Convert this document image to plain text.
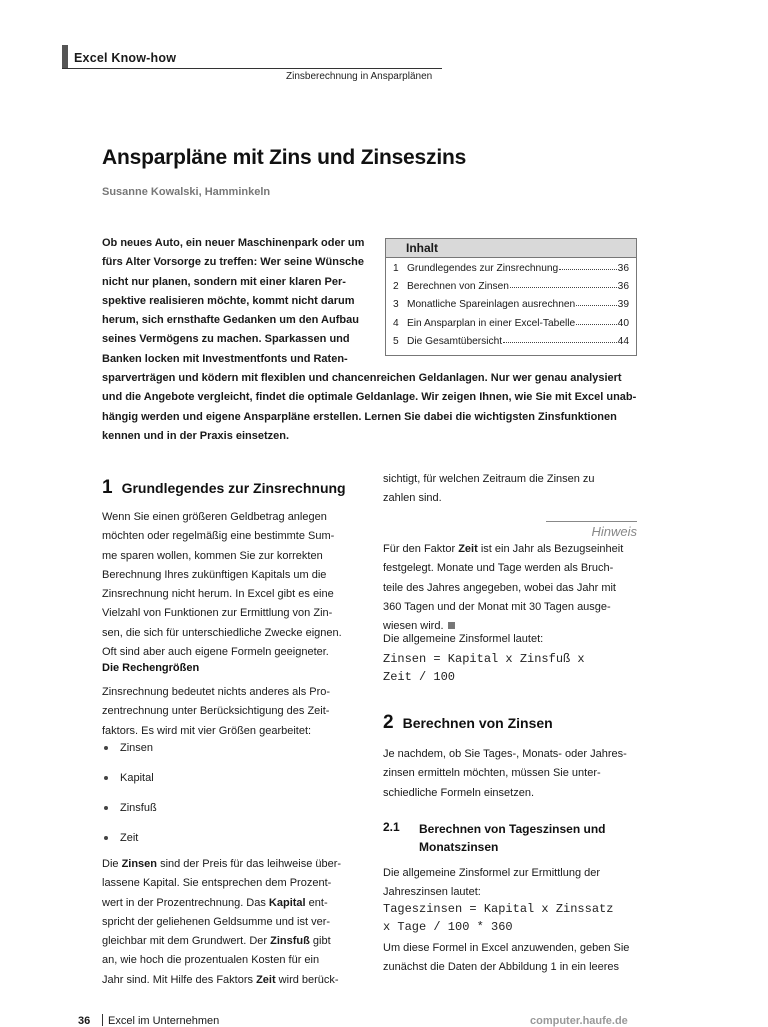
Excel Know-how
Zinsberechnung in Ansparplänen
Ansparpläne mit Zins und Zinseszins
Susanne Kowalski, Hamminkeln
Ob neues Auto, ein neuer Maschinenpark oder um
fürs Alter Vorsorge zu treffen: Wer seine Wünsche
nicht nur planen, sondern mit einer klaren Per-
spektive realisieren möchte, kommt nicht darum
herum, sich ernsthafte Gedanken um den Aufbau
seines Vermögens zu machen. Sparkassen und
Banken locken mit Investmentfonts und Raten-
sparverträgen und ködern mit flexiblen und chancenreichen Geldanlagen. Nur wer genau analysiert
und die Angebote vergleicht, findet die optimale Geldanlage. Wir zeigen Ihnen, wie Sie mit Excel unab-
hängig werden und eigene Ansparpläne erstellen. Lernen Sie dabei die wichtigsten Zinsfunktionen
kennen und in der Praxis einsetzen.
Inhalt
1 Grundlegendes zur Zinsrechnung	36
2 Berechnen von Zinsen	36
3 Monatliche Spareinlagen ausrechnen	39
4 Ein Ansparplan in einer Excel-Tabelle	40
5 Die Gesamtübersicht	44
1 Grundlegendes zur Zinsrechnung
Wenn Sie einen größeren Geldbetrag anlegen
möchten oder regelmäßig eine bestimmte Sum-
me sparen wollen, kommen Sie zur korrekten
Berechnung Ihres zukünftigen Kapitals um die
Zinsrechnung nicht herum. In Excel gibt es eine
Vielzahl von Funktionen zur Ermittlung von Zin-
sen, die sich für unterschiedliche Zwecke eignen.
Oft sind aber auch eigene Formeln geeigneter.
Die Rechengrößen
Zinsrechnung bedeutet nichts anderes als Pro-
zentrechnung unter Berücksichtigung des Zeit-
faktors. Es wird mit vier Größen gearbeitet:
Zinsen
Kapital
Zinsfuß
Zeit
Die Zinsen sind der Preis für das leihweise über-
lassene Kapital. Sie entsprechen dem Prozent-
wert in der Prozentrechnung. Das Kapital ent-
spricht der geliehenen Geldsumme und ist ver-
gleichbar mit dem Grundwert. Der Zinsfuß gibt
an, wie hoch die prozentualen Kosten für ein
Jahr sind. Mit Hilfe des Faktors Zeit wird berück-
sichtigt, für welchen Zeitraum die Zinsen zu
zahlen sind.
Hinweis
Für den Faktor Zeit ist ein Jahr als Bezugseinheit
festgelegt. Monate und Tage werden als Bruch-
teile des Jahres angegeben, wobei das Jahr mit
360 Tagen und der Monat mit 30 Tagen ausge-
wiesen wird.
Die allgemeine Zinsformel lautet:
Zinsen = Kapital x Zinsfuß x
Zeit / 100
2 Berechnen von Zinsen
Je nachdem, ob Sie Tages-, Monats- oder Jahres-
zinsen ermitteln möchten, müssen Sie unter-
schiedliche Formeln einsetzen.
2.1	Berechnen von Tageszinsen und
Monatszinsen
Die allgemeine Zinsformel zur Ermittlung der
Jahreszinsen lautet:
Tageszinsen = Kapital x Zinssatz
x Tage / 100 * 360
Um diese Formel in Excel anzuwenden, geben Sie
zunächst die Daten der Abbildung 1 in ein leeres
36 Excel im Unternehmen	computer.haufe.de
